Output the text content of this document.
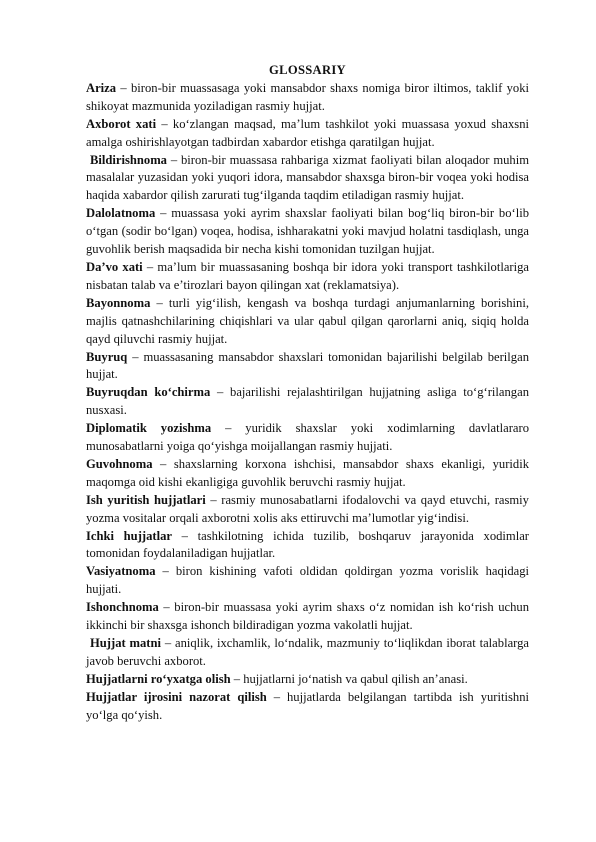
GLOSSARIY

Ariza – biron-bir muassasaga yoki mansabdor shaxs nomiga biror iltimos, taklif yoki shikoyat mazmunida yoziladigan rasmiy hujjat.

Axborot xati – ko‘zlangan maqsad, ma’lum tashkilot yoki muassasa yoxud shaxsni amalga oshirishlayotgan tadbirdan xabardor etishga qaratilgan hujjat.

Bildirishnoma – biron-bir muassasa rahbariga xizmat faoliyati bilan aloqador muhim masalalar yuzasidan yoki yuqori idora, mansabdor shaxsga biron-bir voqea yoki hodisa haqida xabardor qilish zarurati tug‘ilganda taqdim etiladigan rasmiy hujjat.

Dalolatnoma – muassasa yoki ayrim shaxslar faoliyati bilan bog‘liq biron-bir bo‘lib o‘tgan (sodir bo‘lgan) voqea, hodisa, ishharakatni yoki mavjud holatni tasdiqlash, unga guvohlik berish maqsadida bir necha kishi tomonidan tuzilgan hujjat.

Da’vo xati – ma’lum bir muassasaning boshqa bir idora yoki transport tashkilotlariga nisbatan talab va e’tirozlari bayon qilingan xat (reklamatsiya).

Bayonnoma – turli yig‘ilish, kengash va boshqa turdagi anjumanlarning borishini, majlis qatnashchilarining chiqishlari va ular qabul qilgan qarorlarni aniq, siqiq holda qayd qiluvchi rasmiy hujjat.

Buyruq – muassasaning mansabdor shaxslari tomonidan bajarilishi belgilab berilgan hujjat.

Buyruqdan ko‘chirma – bajarilishi rejalashtirilgan hujjatning asliga to‘g‘rilangan nusxasi.

Diplomatik yozishma – yuridik shaxslar yoki xodimlarning davlatlararo munosabatlarni yoiga qo‘yishga moijallangan rasmiy hujjati.

Guvohnoma – shaxslarning korxona ishchisi, mansabdor shaxs ekanligi, yuridik maqomga oid kishi ekanligiga guvohlik beruvchi rasmiy hujjat.

Ish yuritish hujjatlari – rasmiy munosabatlarni ifodalovchi va qayd etuvchi, rasmiy yozma vositalar orqali axborotni xolis aks ettiruvchi ma’lumotlar yig‘indisi.

Ichki hujjatlar – tashkilotning ichida tuzilib, boshqaruv jarayonida xodimlar tomonidan foydalaniladigan hujjatlar.

Vasiyatnoma – biron kishining vafoti oldidan qoldirgan yozma vorislik haqidagi hujjati.

Ishonchnoma – biron-bir muassasa yoki ayrim shaxs o‘z nomidan ish ko‘rish uchun ikkinchi bir shaxsga ishonch bildiradigan yozma vakolatli hujjat.

Hujjat matni – aniqlik, ixchamlik, lo‘ndalik, mazmuniy to‘liqlikdan iborat talablarga javob beruvchi axborot.

Hujjatlarni ro‘yxatga olish – hujjatlarni jo‘natish va qabul qilish an’anasi.

Hujjatlar ijrosini nazorat qilish – hujjatlarda belgilangan tartibda ish yuritishni yo‘lga qo‘yish.
